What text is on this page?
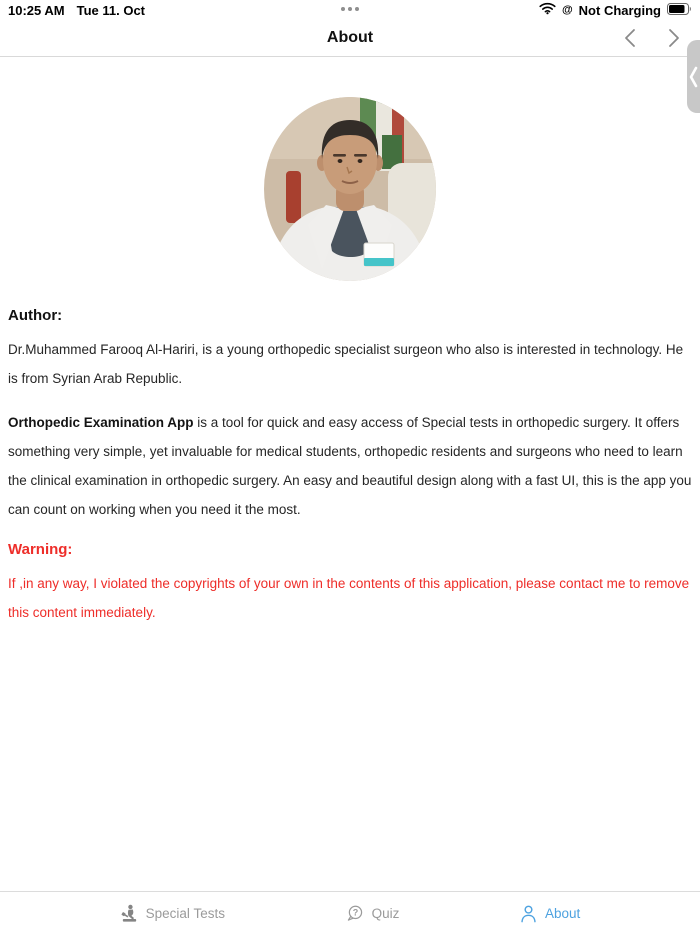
10:25 AM Tue 11. Oct	@ Not Charging
About
Author:

Dr.Muhammed Farooq Al-Hariri, is a young orthopedic specialist surgeon who also is interested in technology. He is from Syrian Arab Republic.

Orthopedic Examination App is a tool for quick and easy access of Special tests in orthopedic surgery. It offers something very simple, yet invaluable for medical students, orthopedic residents and surgeons who need to learn the clinical examination in orthopedic surgery. An easy and beautiful design along with a fast UI, this is the app you can count on working when you need it the most.

Warning:

If ,in any way, I violated the copyrights of your own in the contents of this application, please contact me to remove this content immediately.

Special Tests	? Quiz	About
